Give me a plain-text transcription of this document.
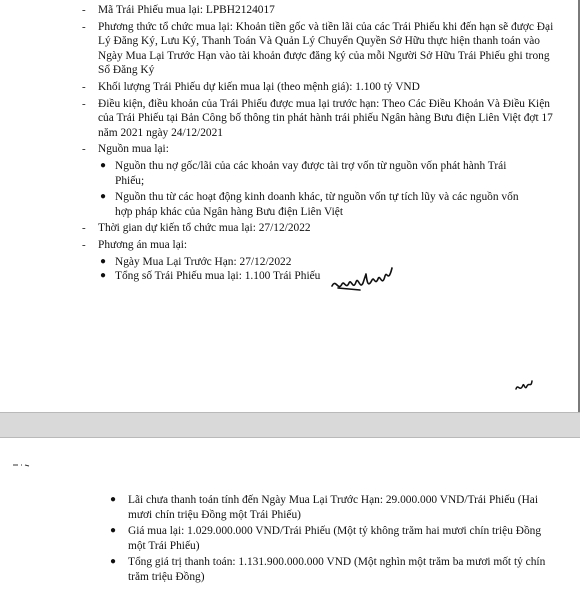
- Mã Trái Phiếu mua lại: LPBH2124017
- Phương thức tổ chức mua lại: Khoản tiền gốc và tiền lãi của các Trái Phiếu khi đến hạn sẽ được Đại Lý Đăng Ký, Lưu Ký, Thanh Toán Và Quản Lý Chuyển Quyền Sở Hữu thực hiện thanh toán vào Ngày Mua Lại Trước Hạn vào tài khoản được đăng ký của mỗi Người Sở Hữu Trái Phiếu ghi trong Sổ Đăng Ký
- Khối lượng Trái Phiếu dự kiến mua lại (theo mệnh giá): 1.100 tỷ VND
- Điều kiện, điều khoản của Trái Phiếu được mua lại trước hạn: Theo Các Điều Khoản Và Điều Kiện của Trái Phiếu tại Bản Công bố thông tin phát hành trái phiếu Ngân hàng Bưu điện Liên Việt đợt 17 năm 2021 ngày 24/12/2021
- Nguồn mua lại:
● Nguồn thu nợ gốc/lãi của các khoản vay được tài trợ vốn từ nguồn vốn phát hành Trái Phiếu;
● Nguồn thu từ các hoạt động kinh doanh khác, từ nguồn vốn tự tích lũy và các nguồn vốn hợp pháp khác của Ngân hàng Bưu điện Liên Việt
- Thời gian dự kiến tổ chức mua lại: 27/12/2022
- Phương án mua lại:
● Ngày Mua Lại Trước Hạn: 27/12/2022
● Tổng số Trái Phiếu mua lại: 1.100 Trái Phiếu
● Lãi chưa thanh toán tính đến Ngày Mua Lại Trước Hạn: 29.000.000 VND/Trái Phiếu (Hai mươi chín triệu Đồng một Trái Phiếu)
● Giá mua lại: 1.029.000.000 VND/Trái Phiếu (Một tỷ không trăm hai mươi chín triệu Đồng một Trái Phiếu)
● Tổng giá trị thanh toán: 1.131.900.000.000 VND (Một nghìn một trăm ba mươi mốt tỷ chín trăm triệu Đồng)
